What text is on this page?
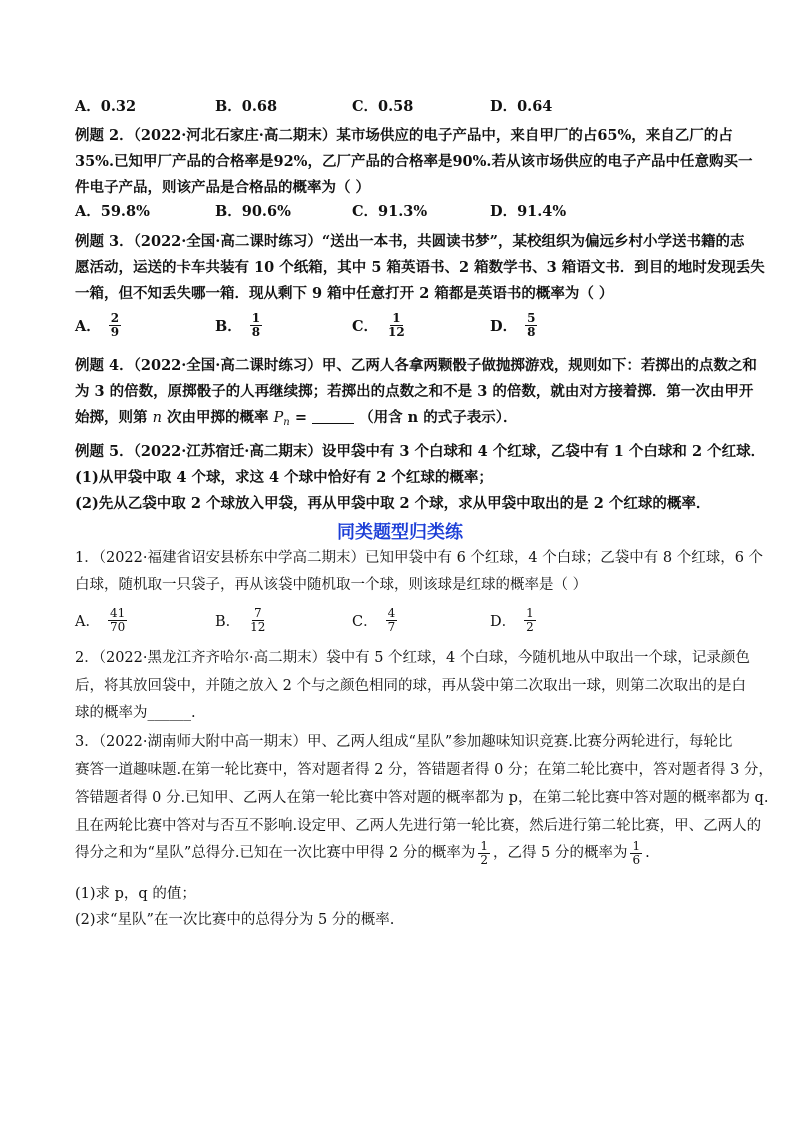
A．0.32	B．0.68	C．0.58	D．0.64
例题 2．（2022·河北石家庄·高二期末）某市场供应的电子产品中，来自甲厂的占65%，来自乙厂的占
35%.已知甲厂产品的合格率是92%，乙厂产品的合格率是90%.若从该市场供应的电子产品中任意购买一
件电子产品，则该产品是合格品的概率为（ ）
A．59.8%	B．90.6%	C．91.3%	D．91.4%
例题 3．（2022·全国·高二课时练习）“送出一本书，共圆读书梦”，某校组织为偏远乡村小学送书籍的志
愿活动，运送的卡车共装有 10 个纸箱，其中 5 箱英语书、2 箱数学书、3 箱语文书．到目的地时发现丢失
一箱，但不知丢失哪一箱．现从剩下 9 箱中任意打开 2 箱都是英语书的概率为（ ）
A． $\frac{2}{9}$	B． $\frac{1}{8}$	C． $\frac{1}{12}$	D． $\frac{5}{8}$
例题 4．（2022·全国·高二课时练习）甲、乙两人各拿两颗骰子做抛掷游戏，规则如下：若掷出的点数之和
为 3 的倍数，原掷骰子的人再继续掷；若掷出的点数之和不是 3 的倍数，就由对方接着掷．第一次由甲开
始掷，则第 n 次由甲掷的概率 $P_n$ =	（用含 n 的式子表示）．
例题 5．（2022·江苏宿迁·高二期末）设甲袋中有 3 个白球和 4 个红球，乙袋中有 1 个白球和 2 个红球．
(1)从甲袋中取 4 个球，求这 4 个球中恰好有 2 个红球的概率；
(2)先从乙袋中取 2 个球放入甲袋，再从甲袋中取 2 个球，求从甲袋中取出的是 2 个红球的概率．
同类题型归类练
1．（2022·福建省诏安县桥东中学高二期末）已知甲袋中有 6 个红球，4 个白球；乙袋中有 8 个红球，6 个
白球，随机取一只袋子，再从该袋中随机取一个球，则该球是红球的概率是（ ）
A． $\frac{41}{70}$	B． $\frac{7}{12}$	C． $\frac{4}{7}$	D． $\frac{1}{2}$
2．（2022·黑龙江齐齐哈尔·高二期末）袋中有 5 个红球，4 个白球，今随机地从中取出一个球，记录颜色
后，将其放回袋中，并随之放入 2 个与之颜色相同的球，再从袋中第二次取出一球，则第二次取出的是白
球的概率为______.
3．（2022·湖南师大附中高一期末）甲、乙两人组成“星队”参加趣味知识竞赛.比赛分两轮进行，每轮比
赛答一道趣味题.在第一轮比赛中，答对题者得 2 分，答错题者得 0 分；在第二轮比赛中，答对题者得 3 分，
答错题者得 0 分.已知甲、乙两人在第一轮比赛中答对题的概率都为 p，在第二轮比赛中答对题的概率都为 q.
且在两轮比赛中答对与否互不影响.设定甲、乙两人先进行第一轮比赛，然后进行第二轮比赛，甲、乙两人的
得分之和为“星队”总得分.已知在一次比赛中甲得 2 分的概率为 $\frac{1}{2}$ ，乙得 5 分的概率为 $\frac{1}{6}$ .
(1)求 p，q 的值；
(2)求“星队”在一次比赛中的总得分为 5 分的概率.
